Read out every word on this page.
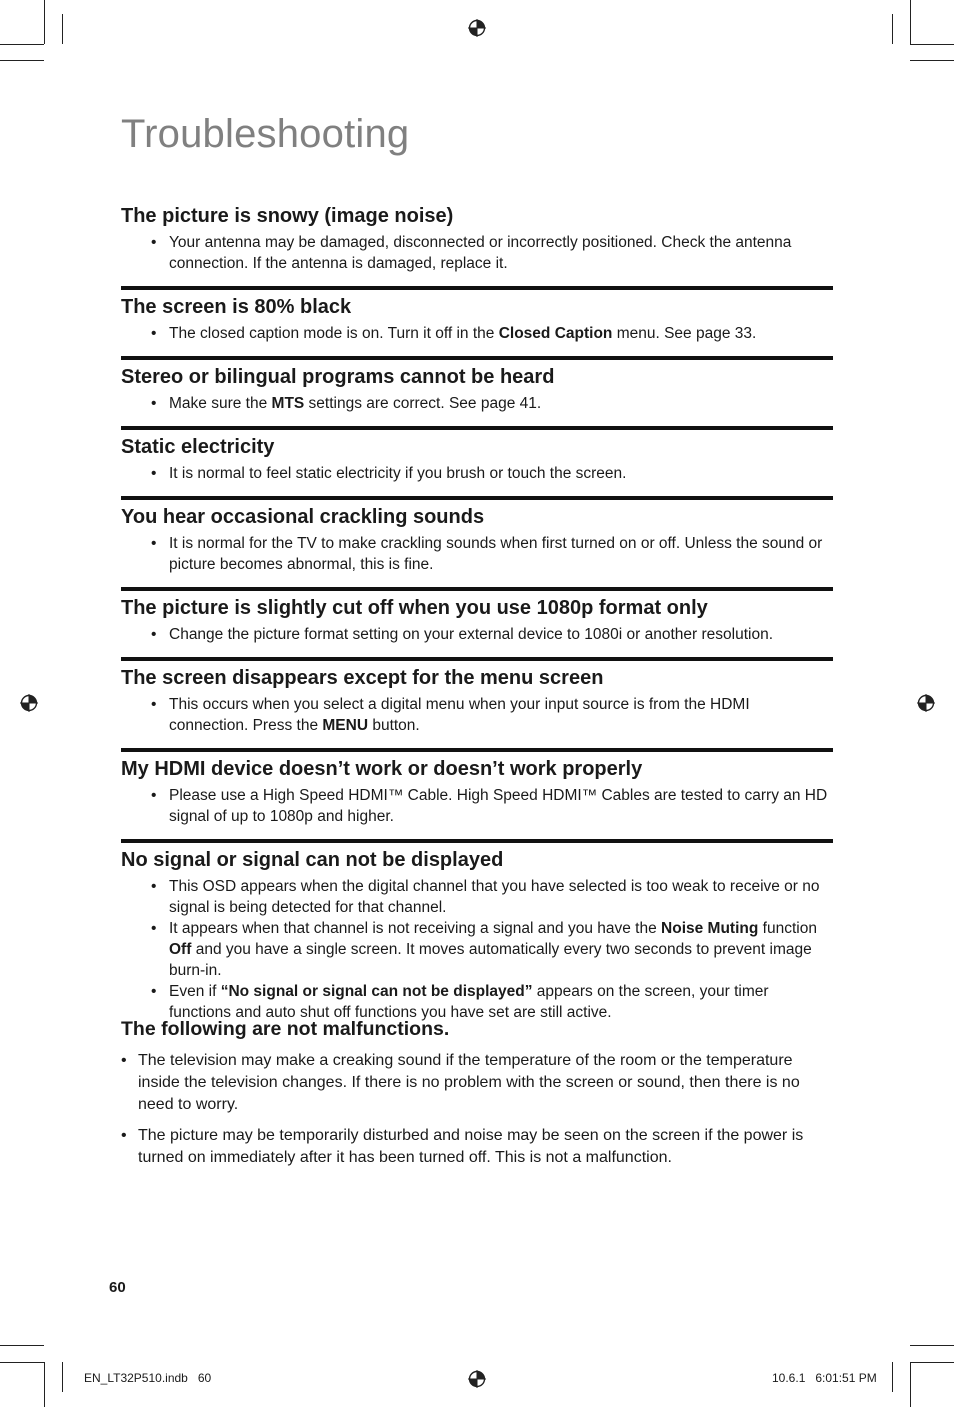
Troubleshooting
The picture is snowy (image noise)
• Your antenna may be damaged, disconnected or incorrectly positioned. Check the antenna connection. If the antenna is damaged, replace it.
The screen is 80% black
• The closed caption mode is on. Turn it off in the Closed Caption menu. See page 33.
Stereo or bilingual programs cannot be heard
• Make sure the MTS settings are correct. See page 41.
Static electricity
• It is normal to feel static electricity if you brush or touch the screen.
You hear occasional crackling sounds
• It is normal for the TV to make crackling sounds when first turned on or off. Unless the sound or picture becomes abnormal, this is fine.
The picture is slightly cut off when you use 1080p format only
• Change the picture format setting on your external device to 1080i or another resolution.
The screen disappears except for the menu screen
• This occurs when you select a digital menu when your input source is from the HDMI connection. Press the MENU button.
My HDMI device doesn’t work or doesn’t work properly
• Please use a High Speed HDMI™ Cable. High Speed HDMI™ Cables are tested to carry an HD signal of up to 1080p and higher.
No signal or signal can not be displayed
• This OSD appears when the digital channel that you have selected is too weak to receive or no signal is being detected for that channel.
• It appears when that channel is not receiving a signal and you have the Noise Muting function Off and you have a single screen. It moves automatically every two seconds to prevent image burn-in.
• Even if “No signal or signal can not be displayed” appears on the screen, your timer functions and auto shut off functions you have set are still active.
The following are not malfunctions.
• The television may make a creaking sound if the temperature of the room or the temperature inside the television changes. If there is no problem with the screen or sound, then there is no need to worry.
• The picture may be temporarily disturbed and noise may be seen on the screen if the power is turned on immediately after it has been turned off. This is not a malfunction.
60
EN_LT32P510.indb   60	10.6.1   6:01:51 PM
